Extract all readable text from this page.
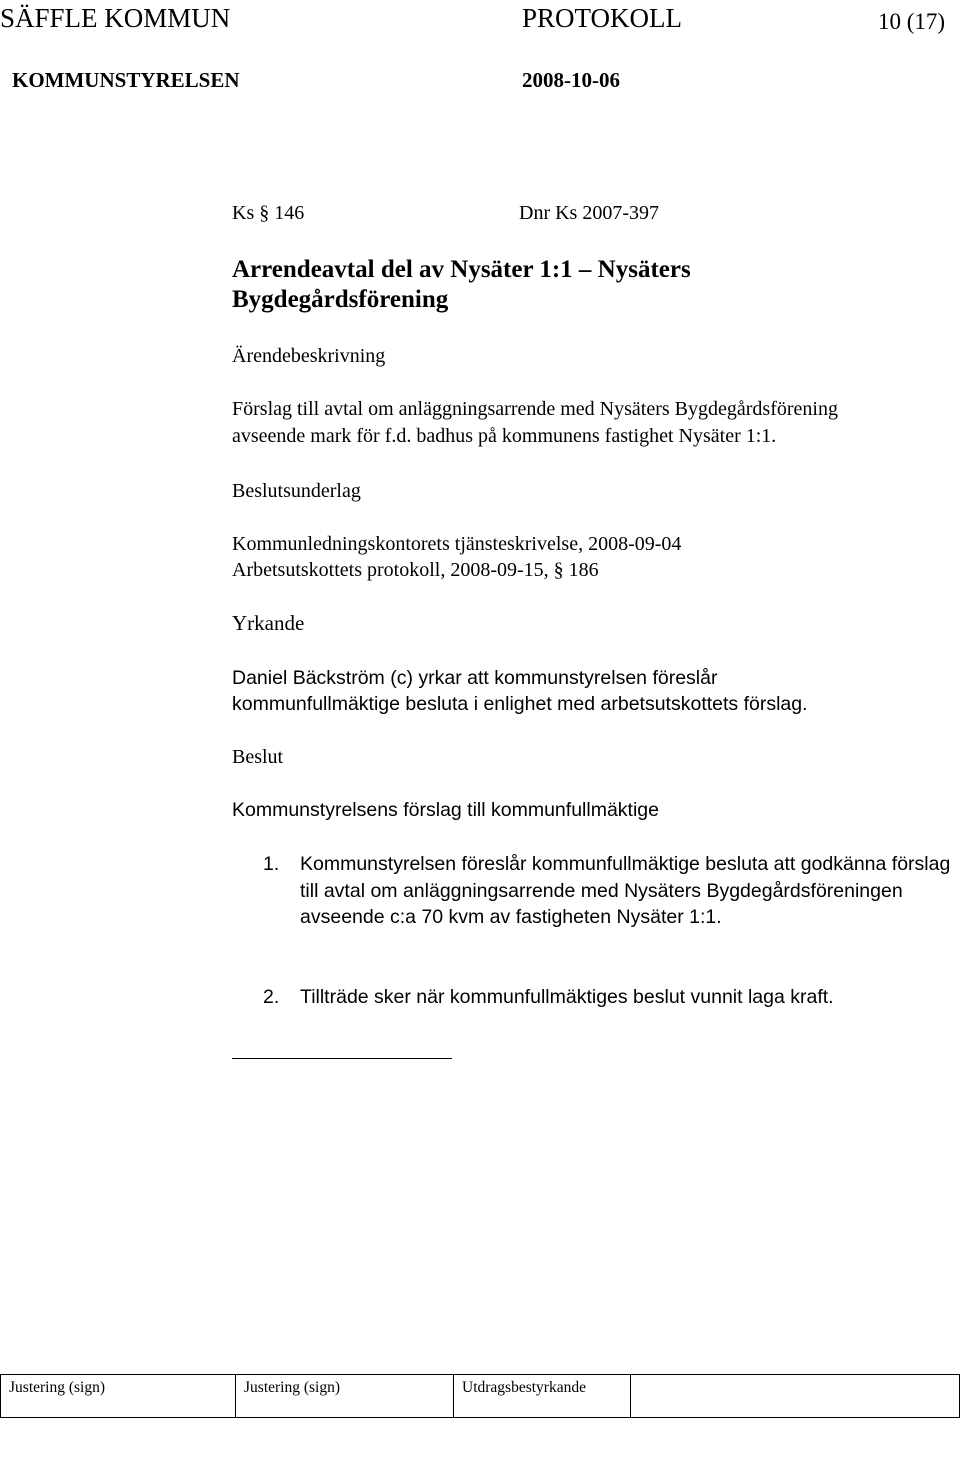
SÄFFLE KOMMUN	PROTOKOLL	10 (17)
KOMMUNSTYRELSEN	2008-10-06
Ks § 146	Dnr Ks 2007-397
Arrendeavtal del av Nysäter 1:1 – Nysäters
Bygdegårdsförening
Ärendebeskrivning
Förslag till avtal om anläggningsarrende med Nysäters Bygdegårdsförening
avseende mark för f.d. badhus på kommunens fastighet Nysäter 1:1.
Beslutsunderlag
Kommunledningskontorets tjänsteskrivelse, 2008-09-04
Arbetsutskottets protokoll, 2008-09-15, § 186
Yrkande
Daniel Bäckström (c) yrkar att kommunstyrelsen föreslår
kommunfullmäktige besluta i enlighet med arbetsutskottets förslag.
Beslut
Kommunstyrelsens förslag till kommunfullmäktige
1. Kommunstyrelsen föreslår kommunfullmäktige besluta att godkänna förslag till avtal om anläggningsarrende med Nysäters Bygdegårdsföreningen avseende c:a 70 kvm av fastigheten Nysäter 1:1.
2. Tillträde sker när kommunfullmäktiges beslut vunnit laga kraft.
Justering (sign)	Justering (sign)	Utdragsbestyrkande	
